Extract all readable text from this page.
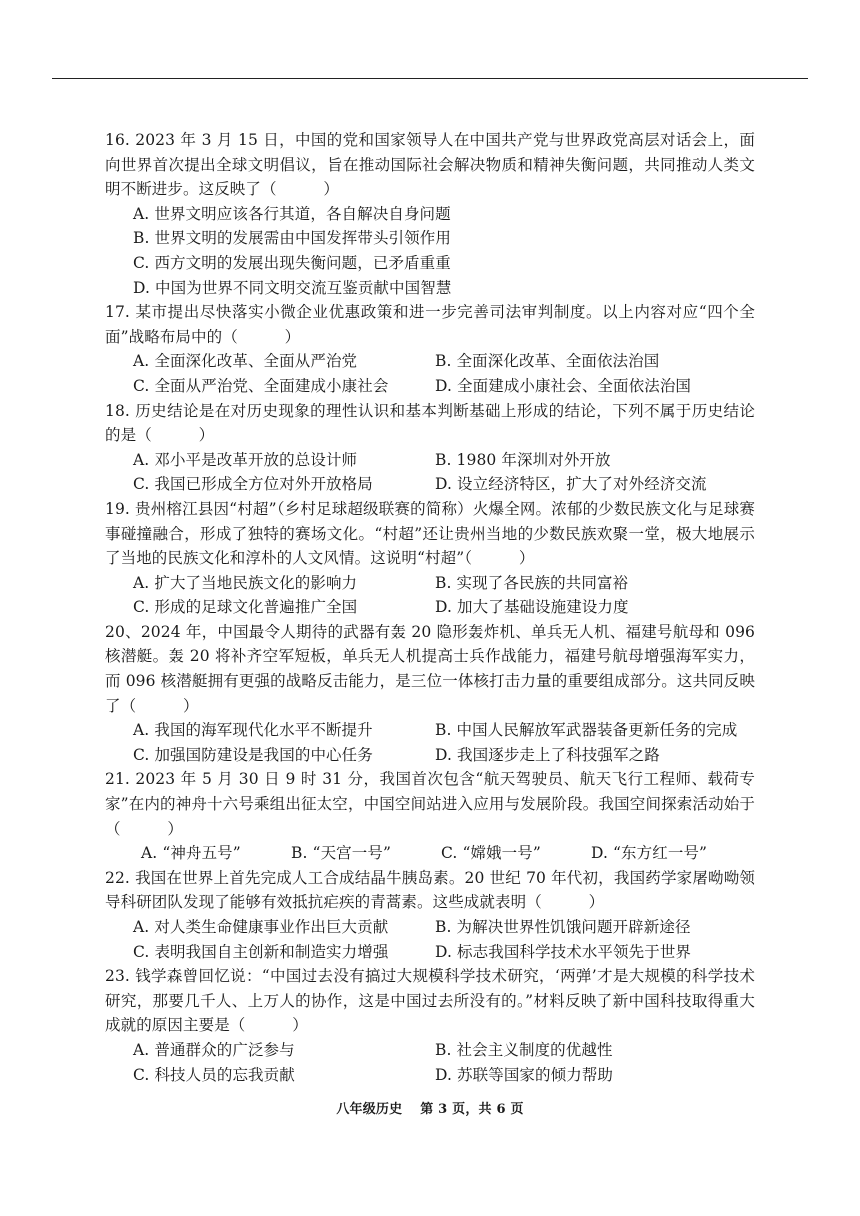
16. 2023 年 3 月 15 日，中国的党和国家领导人在中国共产党与世界政党高层对话会上，面向世界首次提出全球文明倡议，旨在推动国际社会解决物质和精神失衡问题，共同推动人类文明不断进步。这反映了（　　　）

A. 世界文明应该各行其道，各自解决自身问题
B. 世界文明的发展需由中国发挥带头引领作用
C. 西方文明的发展出现失衡问题，已矛盾重重
D. 中国为世界不同文明交流互鉴贡献中国智慧

17. 某市提出尽快落实小微企业优惠政策和进一步完善司法审判制度。以上内容对应“四个全面”战略布局中的（　　　）

A. 全面深化改革、全面从严治党	B. 全面深化改革、全面依法治国
C. 全面从严治党、全面建成小康社会	D. 全面建成小康社会、全面依法治国

18. 历史结论是在对历史现象的理性认识和基本判断基础上形成的结论，下列不属于历史结论的是（　　　）

A. 邓小平是改革开放的总设计师	B. 1980 年深圳对外开放
C. 我国已形成全方位对外开放格局	D. 设立经济特区，扩大了对外经济交流

19. 贵州榕江县因“村超”（乡村足球超级联赛的简称）火爆全网。浓郁的少数民族文化与足球赛事碰撞融合，形成了独特的赛场文化。“村超”还让贵州当地的少数民族欢聚一堂，极大地展示了当地的民族文化和淳朴的人文风情。这说明“村超”（　　　）

A. 扩大了当地民族文化的影响力	B. 实现了各民族的共同富裕
C. 形成的足球文化普遍推广全国	D. 加大了基础设施建设力度

20、2024 年，中国最令人期待的武器有轰 20 隐形轰炸机、单兵无人机、福建号航母和 096 核潜艇。轰 20 将补齐空军短板，单兵无人机提高士兵作战能力，福建号航母增强海军实力，而 096 核潜艇拥有更强的战略反击能力，是三位一体核打击力量的重要组成部分。这共同反映了（　　　）

A. 我国的海军现代化水平不断提升	B. 中国人民解放军武器装备更新任务的完成
C. 加强国防建设是我国的中心任务	D. 我国逐步走上了科技强军之路

21. 2023 年 5 月 30 日 9 时 31 分，我国首次包含“航天驾驶员、航天飞行工程师、载荷专家”在内的神舟十六号乘组出征太空，中国空间站进入应用与发展阶段。我国空间探索活动始于（　　　）

A. “神舟五号”	B. “天宫一号”	C. “嫦娥一号”	D. “东方红一号”

22. 我国在世界上首先完成人工合成结晶牛胰岛素。20 世纪 70 年代初，我国药学家屠呦呦领导科研团队发现了能够有效抵抗疟疾的青蒿素。这些成就表明（　　　）

A. 对人类生命健康事业作出巨大贡献	B. 为解决世界性饥饿问题开辟新途径
C. 表明我国自主创新和制造实力增强	D. 标志我国科学技术水平领先于世界

23. 钱学森曾回忆说：“中国过去没有搞过大规模科学技术研究，‘两弹’才是大规模的科学技术研究，那要几千人、上万人的协作，这是中国过去所没有的。”材料反映了新中国科技取得重大成就的原因主要是（　　　）

A. 普通群众的广泛参与	B. 社会主义制度的优越性
C. 科技人员的忘我贡献	D. 苏联等国家的倾力帮助
八年级历史　 第 3 页，共 6 页
